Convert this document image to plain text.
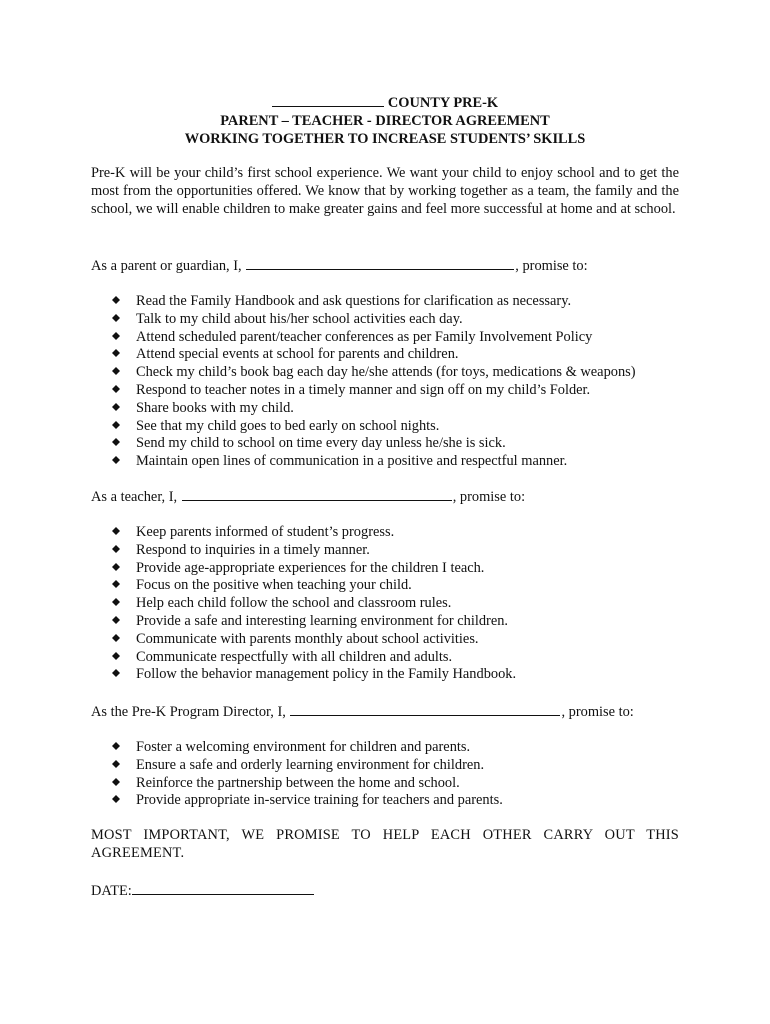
COUNTY PRE-K
PARENT – TEACHER - DIRECTOR AGREEMENT
WORKING TOGETHER TO INCREASE STUDENTS’ SKILLS
Pre-K will be your child’s first school experience. We want your child to enjoy school and to get the most from the opportunities offered. We know that by working together as a team, the family and the school, we will enable children to make greater gains and feel more successful at home and at school.
As a parent or guardian, I,	, promise to:
Read the Family Handbook and ask questions for clarification as necessary.
Talk to my child about his/her school activities each day.
Attend scheduled parent/teacher conferences as per Family Involvement Policy
Attend special events at school for parents and children.
Check my child’s book bag each day he/she attends (for toys, medications & weapons)
Respond to teacher notes in a timely manner and sign off on my child’s Folder.
Share books with my child.
See that my child goes to bed early on school nights.
Send my child to school on time every day unless he/she is sick.
Maintain open lines of communication in a positive and respectful manner.
As a teacher, I,	, promise to:
Keep parents informed of student’s progress.
Respond to inquiries in a timely manner.
Provide age-appropriate experiences for the children I teach.
Focus on the positive when teaching your child.
Help each child follow the school and classroom rules.
Provide a safe and interesting learning environment for children.
Communicate with parents monthly about school activities.
Communicate respectfully with all children and adults.
Follow the behavior management policy in the Family Handbook.
As the Pre-K Program Director, I,	, promise to:
Foster a welcoming environment for children and parents.
Ensure a safe and orderly learning environment for children.
Reinforce the partnership between the home and school.
Provide appropriate in-service training for teachers and parents.
MOST IMPORTANT, WE PROMISE TO HELP EACH OTHER CARRY OUT THIS AGREEMENT.
DATE:
